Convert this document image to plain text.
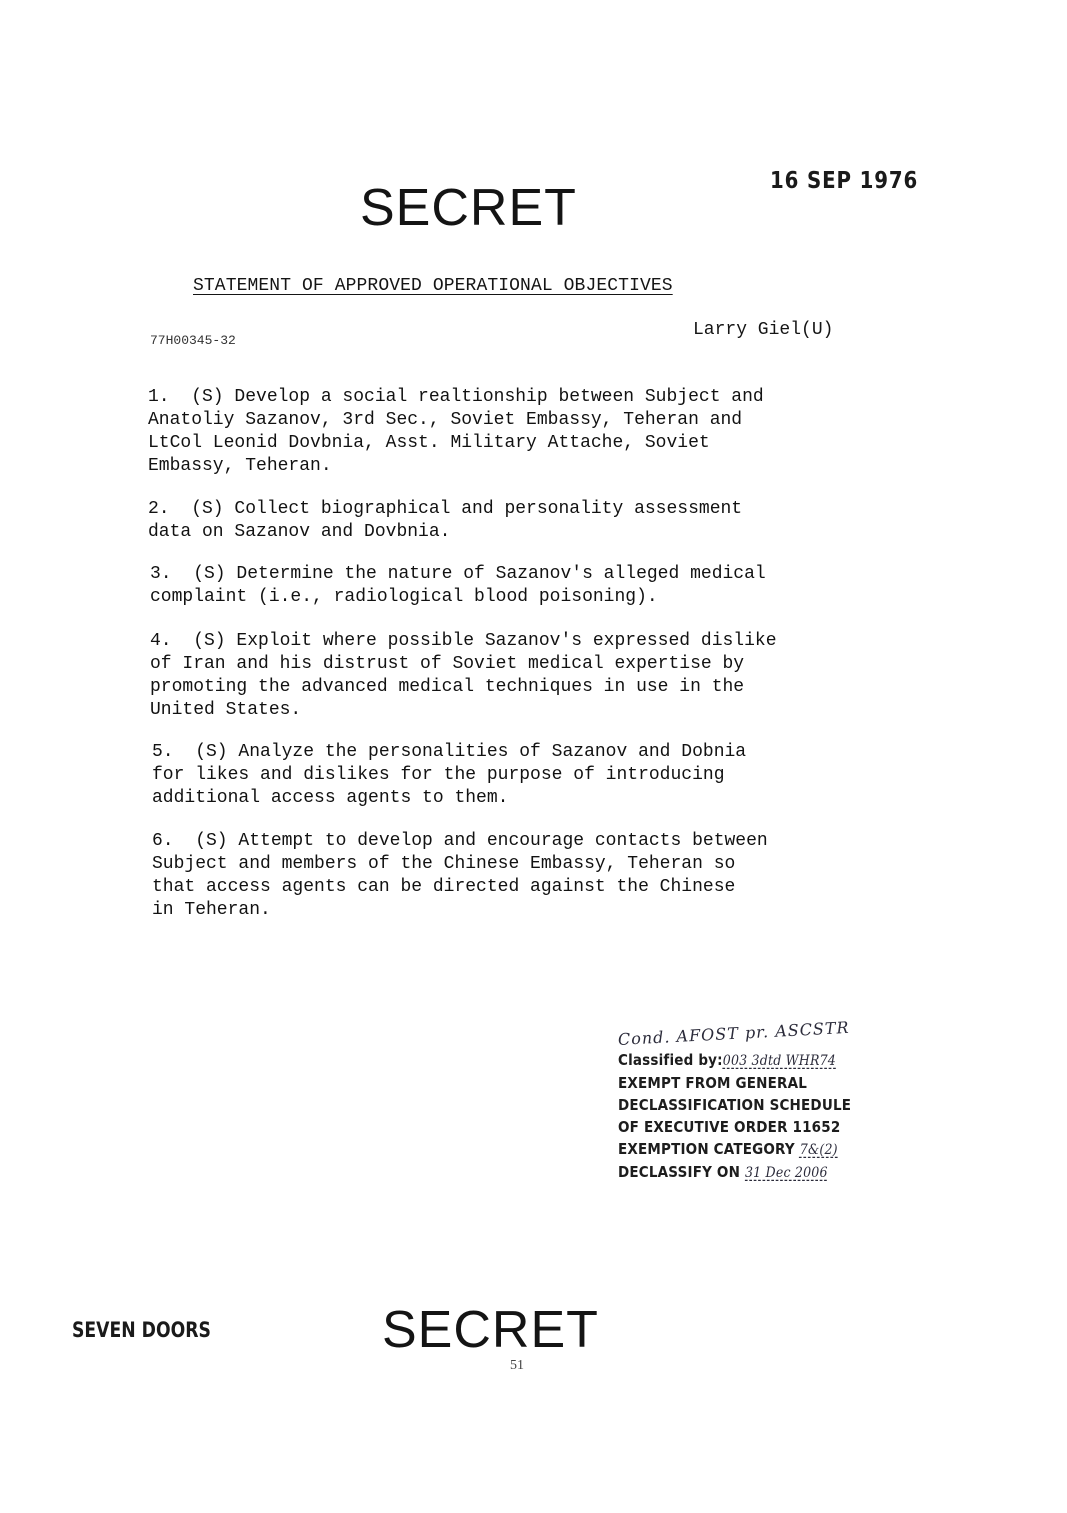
16 SEP 1976
SECRET
STATEMENT OF APPROVED OPERATIONAL OBJECTIVES
77H00345-32
Larry Giel(U)
1.  (S) Develop a social realtionship between Subject and
Anatoliy Sazanov, 3rd Sec., Soviet Embassy, Teheran and
LtCol Leonid Dovbnia, Asst. Military Attache, Soviet
Embassy, Teheran.
2.  (S) Collect biographical and personality assessment
data on Sazanov and Dovbnia.
3.  (S) Determine the nature of Sazanov's alleged medical
complaint (i.e., radiological blood poisoning).
4.  (S) Exploit where possible Sazanov's expressed dislike
of Iran and his distrust of Soviet medical expertise by
promoting the advanced medical techniques in use in the
United States.
5.  (S) Analyze the personalities of Sazanov and Dobnia
for likes and dislikes for the purpose of introducing
additional access agents to them.
6.  (S) Attempt to develop and encourage contacts between
Subject and members of the Chinese Embassy, Teheran so
that access agents can be directed against the Chinese
in Teheran.
Cond. AFOST pr. ASCSTR
Classified by:003 3dtd WHR74
EXEMPT FROM GENERAL
DECLASSIFICATION SCHEDULE
OF EXECUTIVE ORDER 11652
EXEMPTION CATEGORY 7&(2)
DECLASSIFY ON 31 Dec 2006
SEVEN DOORS	SECRET
51
